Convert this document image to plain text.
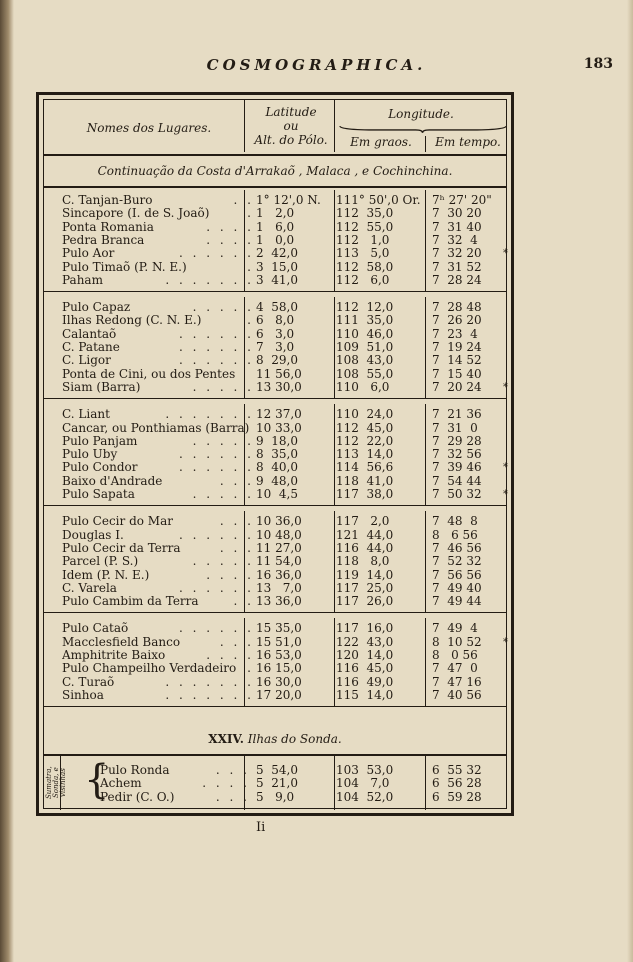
COSMOGRAPHICA.	183
Nomes dos Lugares.
Latitude
ou
Alt. do Pólo.
Longitude.
Em graos.	Em tempo.
Continuação da Costa d'Arrakaõ , Malaca , e Cochinchina.
C. Tanjan-Buro	. . 1° 12',0 N.	111° 50',0 Or. 7ʰ 27' 20"
Sincapore (I. de S. Joaõ)	. 1   2,0	112  35,0	7  30 20
Ponta Romania	. . . . 1   6,0	112  55,0	7  31 40
Pedra Branca	. . . . 1   0,0	112   1,0	7  32  4
Pulo Aor	. . . . . . 2  42,0	113   5,0	7  32 20	*
Pulo Timaõ (P. N. E.)	. 3  15,0	112  58,0	7  31 52
Paham	. . . . . . . 3  41,0	112   6,0	7  28 24
Pulo Capaz	. . . . . 4  58,0	112  12,0	7  28 48
Ilhas Redong (C. N. E.)	. 6   8,0	111  35,0	7  26 20
Calantaõ	. . . . . . 6   3,0	110  46,0	7  23  4
C. Patane	. . . . . . 7   3,0	109  51,0	7  19 24
C. Ligor	. . . . . . 8  29,0	108  43,0	7  14 52
Ponta de Cini, ou dos Pentes	11 56,0	108  55,0	7  15 40
Siam (Barra)	. . . . . 13 30,0	110   6,0	7  20 24	*
C. Liant	. . . . . . . 12 37,0	110  24,0	7  21 36
Cancar, ou Ponthiamas (Barra) 10 33,0	112  45,0	7  31  0
Pulo Panjam	. . . . . 9  18,0	112  22,0	7  29 28
Pulo Uby	. . . . . . 8  35,0	113  14,0	7  32 56
Pulo Condor	. . . . . . 8  40,0	114  56,6	7  39 46	*
Baixo d'Andrade	. . . 9  48,0	118  41,0	7  54 44
Pulo Sapata	. . . . . 10  4,5	117  38,0	7  50 32	*
Pulo Cecir do Mar	. . . 10 36,0	117   2,0	7  48  8
Douglas I.	. . . . . . 10 48,0	121  44,0	8   6 56
Pulo Cecir da Terra	. . . 11 27,0	116  44,0	7  46 56
Parcel (P. S.)	. . . . . 11 54,0	118   8,0	7  52 32
Idem (P. N. E.)	. . . . 16 36,0	119  14,0	7  56 56
C. Varela	. . . . . . 13   7,0	117  25,0	7  49 40
Pulo Cambim da Terra	. . 13 36,0	117  26,0	7  49 44
Pulo Cataõ	. . . . . . 15 35,0	117  16,0	7  49  4
Macclesfield Banco	. . . 15 51,0	122  43,0	8  10 52	*
Amphitrite Baixo	. . . . 16 53,0	120  14,0	8   0 56
Pulo Champeilho Verdadeiro . 16 15,0	116  45,0	7  47  0
C. Turaõ	. . . . . . . 16 30,0	116  49,0	7  47 16
Sinhoa	. . . . . . . 17 20,0	115  14,0	7  40 56
XXIV. Ilhas do Sonda.
Pulo Ronda	. . . 5  54,0	103  53,0	6  55 32
Achem	. . . . 5  21,0	104   7,0	6  56 28
Pedir (C. O.)	. . . 5   9,0	104  52,0	6  59 28
Sumatra, Sonda, e visinhas {
Ii
